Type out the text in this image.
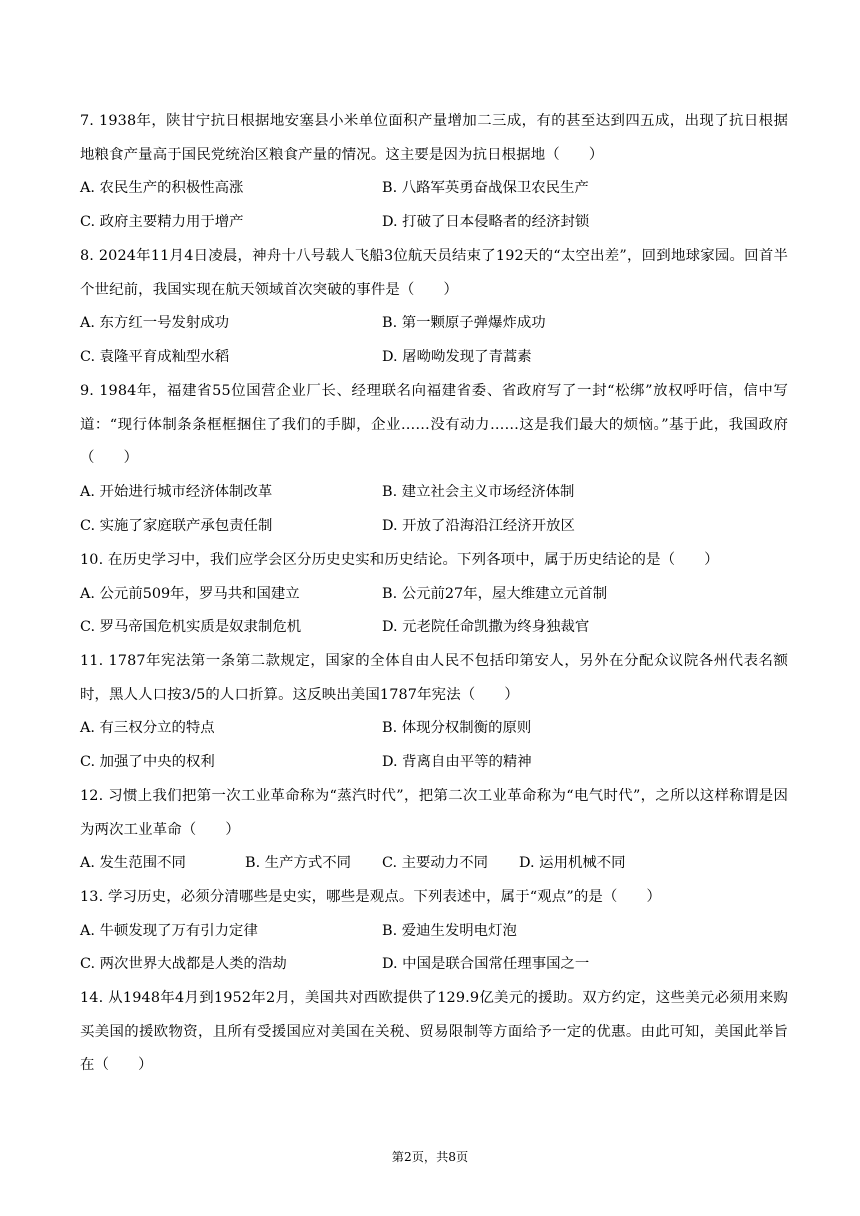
7. 1938年，陕甘宁抗日根据地安塞县小米单位面积产量增加二三成，有的甚至达到四五成，出现了抗日根据地粮食产量高于国民党统治区粮食产量的情况。这主要是因为抗日根据地（　　）
A. 农民生产的积极性高涨	B. 八路军英勇奋战保卫农民生产
C. 政府主要精力用于增产	D. 打破了日本侵略者的经济封锁
8. 2024年11月4日凌晨，神舟十八号载人飞船3位航天员结束了192天的“太空出差”，回到地球家园。回首半个世纪前，我国实现在航天领域首次突破的事件是（　　）
A. 东方红一号发射成功	B. 第一颗原子弹爆炸成功
C. 袁隆平育成籼型水稻	D. 屠呦呦发现了青蒿素
9. 1984年，福建省55位国营企业厂长、经理联名向福建省委、省政府写了一封“松绑”放权呼吁信，信中写道：“现行体制条条框框捆住了我们的手脚，企业……没有动力……这是我们最大的烦恼。”基于此，我国政府（　　）
A. 开始进行城市经济体制改革	B. 建立社会主义市场经济体制
C. 实施了家庭联产承包责任制	D. 开放了沿海沿江经济开放区
10. 在历史学习中，我们应学会区分历史史实和历史结论。下列各项中，属于历史结论的是（　　）
A. 公元前509年，罗马共和国建立	B. 公元前27年，屋大维建立元首制
C. 罗马帝国危机实质是奴隶制危机	D. 元老院任命凯撒为终身独裁官
11. 1787年宪法第一条第二款规定，国家的全体自由人民不包括印第安人，另外在分配众议院各州代表名额时，黑人人口按3/5的人口折算。这反映出美国1787年宪法（　　）
A. 有三权分立的特点	B. 体现分权制衡的原则
C. 加强了中央的权利	D. 背离自由平等的精神
12. 习惯上我们把第一次工业革命称为“蒸汽时代”，把第二次工业革命称为“电气时代”，之所以这样称谓是因为两次工业革命（　　）
A. 发生范围不同	B. 生产方式不同 C. 主要动力不同 D. 运用机械不同
13. 学习历史，必须分清哪些是史实，哪些是观点。下列表述中，属于“观点”的是（　　）
A. 牛顿发现了万有引力定律	B. 爱迪生发明电灯泡
C. 两次世界大战都是人类的浩劫	D. 中国是联合国常任理事国之一
14. 从1948年4月到1952年2月，美国共对西欧提供了129.9亿美元的援助。双方约定，这些美元必须用来购买美国的援欧物资，且所有受援国应对美国在关税、贸易限制等方面给予一定的优惠。由此可知，美国此举旨在（　　）
第2页，共8页
